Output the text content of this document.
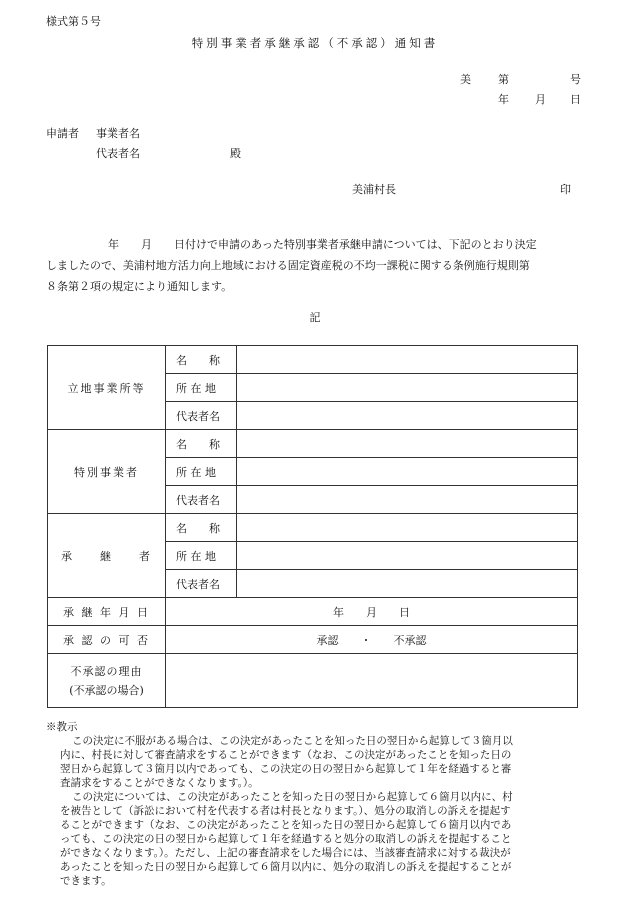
様式第５号
特別事業者承継承認（不承認）通知書
美 第	号
年 月 日
申請者 事業者名
代表者名	殿
美浦村長	印
年　　月　　日付けで申請のあった特別事業者承継申請については、下記のとおり決定
しましたので、美浦村地方活力向上地域における固定資産税の不均一課税に関する条例施行規則第
８条第２項の規定により通知します。
記
立地事業所等	名　　称	
	所 在 地	
	代表者名	
特別事業者	名　　称	
	所 在 地	
	代表者名	
承　　継　　者	名　　称	
	所 在 地	
	代表者名	
承 継 年 月 日	年　　月　　日	
承 認 の 可 否	承認　　・　　不承認	

不承認の理由
(不承認の場合)		

※教示
この決定に不服がある場合は、この決定があったことを知った日の翌日から起算して３箇月以
内に、村長に対して審査請求をすることができます（なお、この決定があったことを知った日の
翌日から起算して３箇月以内であっても、この決定の日の翌日から起算して１年を経過すると審
査請求をすることができなくなります。）。
この決定については、この決定があったことを知った日の翌日から起算して６箇月以内に、村
を被告として（訴訟において村を代表する者は村長となります。）、処分の取消しの訴えを提起す
ることができます（なお、この決定があったことを知った日の翌日から起算して６箇月以内であ
っても、この決定の日の翌日から起算して１年を経過すると処分の取消しの訴えを提起すること
ができなくなります。）。ただし、上記の審査請求をした場合には、当該審査請求に対する裁決が
あったことを知った日の翌日から起算して６箇月以内に、処分の取消しの訴えを提起することが
できます。
